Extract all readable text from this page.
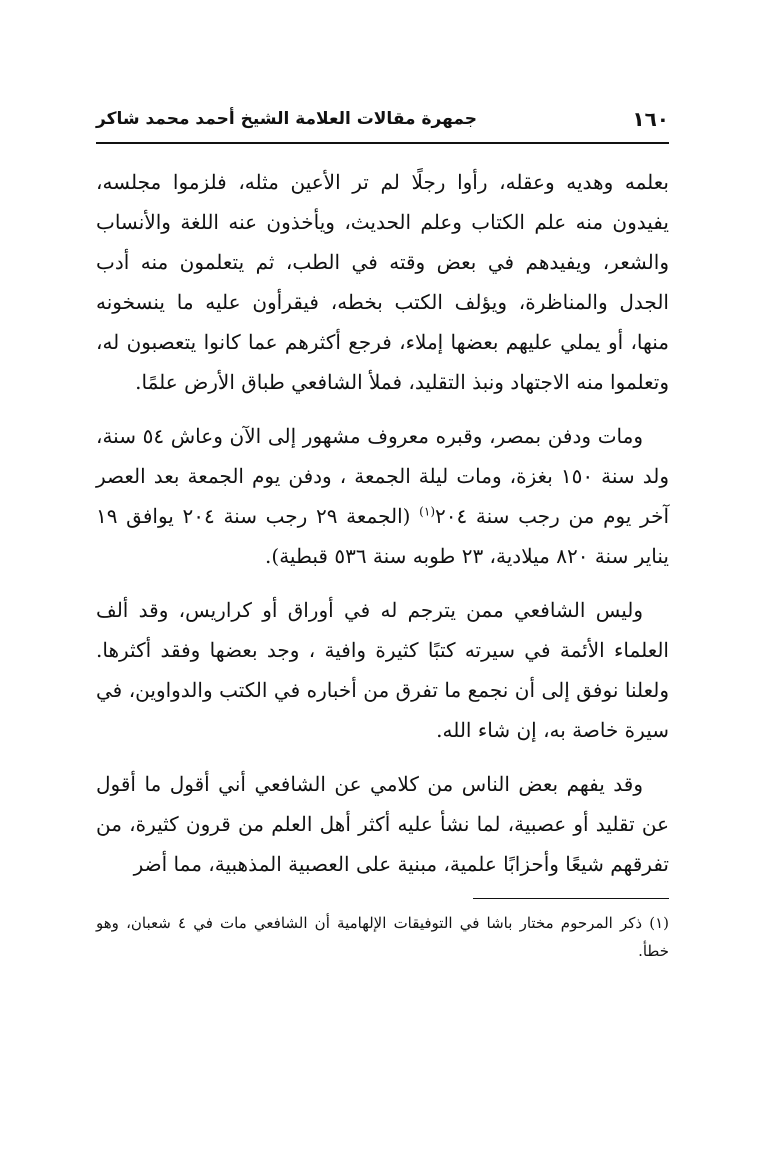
١٦٠
جمهرة مقالات العلامة الشيخ أحمد محمد شاكر

بعلمه وهديه وعقله، رأوا رجلًا لم تر الأعين مثله، فلزموا مجلسه، يفيدون منه علم الكتاب وعلم الحديث، ويأخذون عنه اللغة والأنساب والشعر، ويفيدهم في بعض وقته في الطب، ثم يتعلمون منه أدب الجدل والمناظرة، ويؤلف الكتب بخطه، فيقرأون عليه ما ينسخونه منها، أو يملي عليهم بعضها إملاء، فرجع أكثرهم عما كانوا يتعصبون له، وتعلموا منه الاجتهاد ونبذ التقليد، فملأ الشافعي طباق الأرض علمًا.

ومات ودفن بمصر، وقبره معروف مشهور إلى الآن وعاش ٥٤ سنة، ولد سنة ١٥٠ بغزة، ومات ليلة الجمعة ، ودفن يوم الجمعة بعد العصر آخر يوم من رجب سنة ٢٠٤$^{(١)}$ (الجمعة ٢٩ رجب سنة ٢٠٤ يوافق ١٩ يناير سنة ٨٢٠ ميلادية، ٢٣ طوبه سنة ٥٣٦ قبطية).

وليس الشافعي ممن يترجم له في أوراق أو كراريس، وقد ألف العلماء الأئمة في سيرته كتبًا كثيرة وافية ، وجد بعضها وفقد أكثرها. ولعلنا نوفق إلى أن نجمع ما تفرق من أخباره في الكتب والدواوين، في سيرة خاصة به، إن شاء الله.

وقد يفهم بعض الناس من كلامي عن الشافعي أني أقول ما أقول عن تقليد أو عصبية، لما نشأ عليه أكثر أهل العلم من قرون كثيرة، من تفرقهم شيعًا وأحزابًا علمية، مبنية على العصبية المذهبية، مما أضر

(١) ذكر المرحوم مختار باشا في التوفيقات الإلهامية أن الشافعي مات في ٤ شعبان، وهو خطأ.
